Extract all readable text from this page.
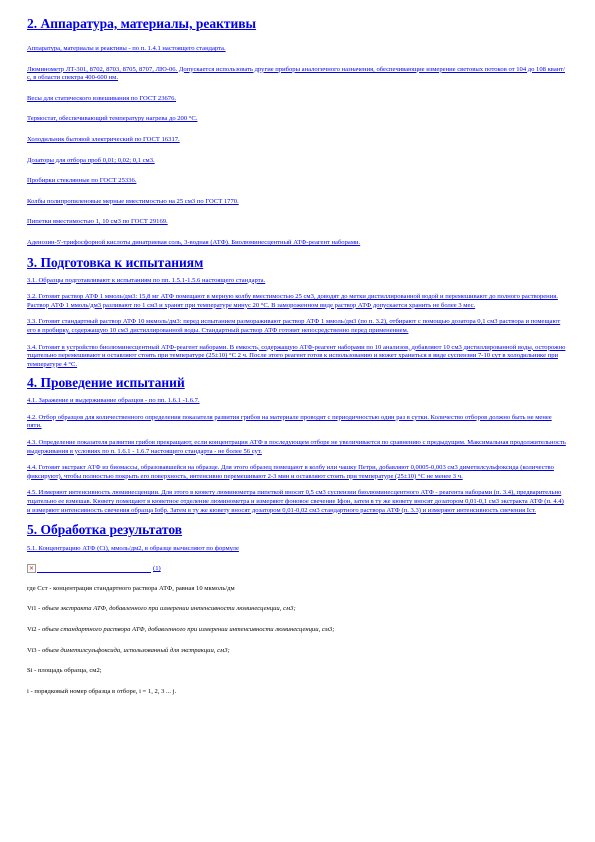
2. Аппаратура, материалы, реактивы

Аппаратура, материалы и реактивы - по п. 1.4.1 настоящего стандарта.

Люминометр ЛТ-301, 8702, 8703, 8705, 8707, ЛЮ-06. Допускается использовать другие приборы аналогичного назначения, обеспечивающие измерение световых потоков от 104 до 108 квант/с, в области спектра 400-600 нм.

Весы для статического взвешивания по ГОСТ 23676.

Термостат, обеспечивающий температуру нагрева до 200 °С.

Холодильник бытовой электрический по ГОСТ 16317.

Дозаторы для отбора проб 0,01; 0,02; 0,1 см3.

Пробирки стеклянные по ГОСТ 25336.

Колбы полипропиленовые мерные вместимостью на 25 см3 по ГОСТ 1770.

Пипетки вместимостью 1, 10 см3 по ГОСТ 29169.

Аденозин-5'-трифосфорной кислоты динатриевая соль, 3-водная (АТФ). Биолюминесцентный АТФ-реагент наборами.

3. Подготовка к испытаниям

3.1. Образцы подготавливают к испытаниям по пп. 1.5.1-1.5.6 настоящего стандарта.

3.2. Готовят раствор АТФ 1 ммоль/дм3: 15,8 мг АТФ помещают в мерную колбу вместимостью 25 см3, доводят до метки дистиллированной водой и перемешивают до полного растворения. Раствор АТФ 1 ммоль/дм3 разливают по 1 см3 и хранят при температуре минус 20 °С. В замороженном виде раствор АТФ допускается хранить не более 3 мес.

3.3. Готовят стандартный раствор АТФ 10 мкмоль/дм3: перед испытанием размораживают раствор АТФ 1 ммоль/дм3 (по п. 3.2), отбирают с помощью дозатора 0,1 см3 раствора и помещают его в пробирку, содержащую 10 см3 дистиллированной воды. Стандартный раствор АТФ готовят непосредственно перед применением.

3.4. Готовят в устройство биолюминесцентный АТФ-реагент наборами. В емкость, содержащую АТФ-реагент наборами по 10 анализов, добавляют 10 см3 дистиллированной воды, осторожно тщательно перемешивают и оставляют стоять при температуре (25±10) °С 2 ч. После этого реагент готов к использованию и может храниться в виде суспензии 7-10 сут в холодильнике при температуре 4 °С.

4. Проведение испытаний

4.1. Заражение и выдерживание образцов - по пп. 1.6.1 -1.6.7.

4.2. Отбор образцов для количественного определения показателя развития грибов на материале проводят с периодичностью один раз в сутки. Количество отборов должно быть не менее пяти.

4.3. Определение показателя развития грибов прекращают, если концентрация АТФ в последующем отборе не увеличивается по сравнению с предыдущим. Максимальная продолжительность выдерживания в условиях по п. 1.6.1 - 1.6.7 настоящего стандарта - не более 56 сут.

4.4. Готовят экстракт АТФ из биомассы, образовавшейся на образце. Для этого образец помещают в колбу или чашку Петри, добавляют 0,0005-0,003 см3 диметилсульфоксида (количество фиксируют), чтобы полностью покрыть его поверхность, интенсивно перемешивают 2-3 мин и оставляют стоять при температуре (25±10) °С не менее 3 ч.

4.5. Измеряют интенсивность люминесценции. Для этого в кювету люминометра пипеткой вносят 0,5 см3 суспензии биолюминесцентного АТФ - реагента наборами (п. 3.4), предварительно тщательно ее взмешав. Кювету помещают в кюветное отделение люминометра и измеряют фоновое свечение Iфон, затем в ту же кювету вносят дозатором 0,01-0,1 см3 экстракта АТФ (п. 4.4) и измеряют интенсивность свечения образца Iобр. Затем в ту же кювету вносят дозатором 0,01-0,02 см3 стандартного раствора АТФ (п. 3.3) и измеряют интенсивность свечения Iст.

5. Обработка результатов

5.1. Концентрацию АТФ (Ci), ммоль/дм2, в образце вычисляют по формуле

×	(1)

где Сст - концентрация стандартного раствора АТФ, равная 10 мкмоль/дм

Vi1 - объем экстракта АТФ, добавленного при измерении интенсивности люминесценции, см3;

Vi2 - объем стандартного раствора АТФ, добавленного при измерении интенсивности люминесценции, см3;

Vi3 - объем диметилсульфоксида, использованный для экстракции, см3;

Si - площадь образца, см2;

i - порядковый номер образца в отборе, i = 1, 2, 3 ... j.
